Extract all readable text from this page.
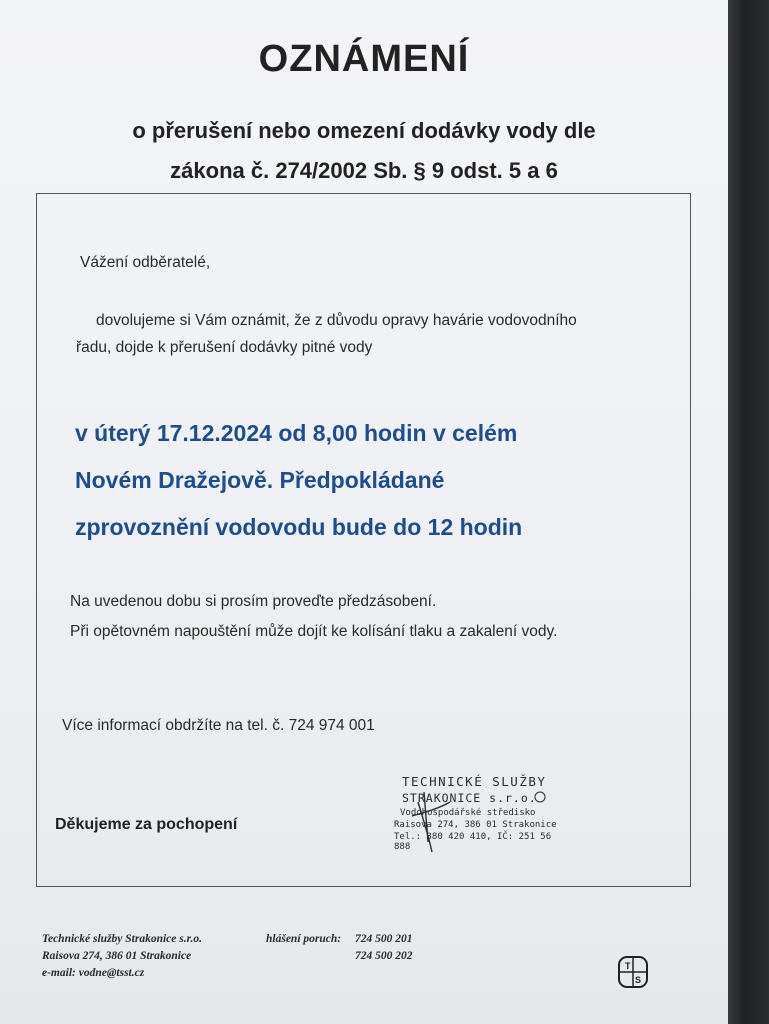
OZNÁMENÍ
o přerušení nebo omezení dodávky vody dle
zákona č. 274/2002 Sb. § 9 odst. 5 a 6
Vážení odběratelé,
dovolujeme si Vám oznámit, že z důvodu opravy havárie vodovodního
řadu, dojde k přerušení dodávky pitné vody
v úterý 17.12.2024 od 8,00 hodin v celém
Novém Dražejově. Předpokládané
zprovoznění vodovodu bude do 12 hodin
Na uvedenou dobu si prosím proveďte předzásobení.
Při opětovném napouštění může dojít ke kolísání tlaku a zakalení vody.
Více informací obdržíte na tel. č. 724 974 001
Děkujeme za pochopení
TECHNICKÉ SLUŽBY
STRAKONICE s.r.o.
Vodohospodářské středisko
Raisova 274, 386 01 Strakonice
Tel.: 380 420 410, IČ: 251 56 888
Technické služby Strakonice s.r.o.
Raisova 274, 386 01 Strakonice
e-mail: vodne@tsst.cz
hlášení poruch: 724 500 201
724 500 202
T
S
